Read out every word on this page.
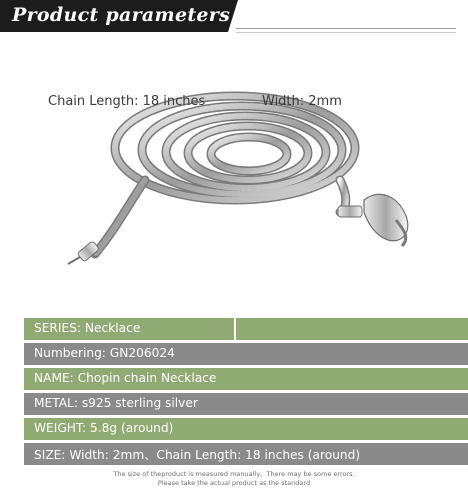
Product parameters
Chain Length: 18 inches	Width: 2mm
SERIES: Necklace
Numbering: GN206024
NAME: Chopin chain Necklace
METAL: s925 sterling silver
WEIGHT: 5.8g (around)
SIZE: Width: 2mm、Chain Length: 18 inches (around)
The size of theproduct is measured manually。There may be some errors.
Please take the actual product as the standard
